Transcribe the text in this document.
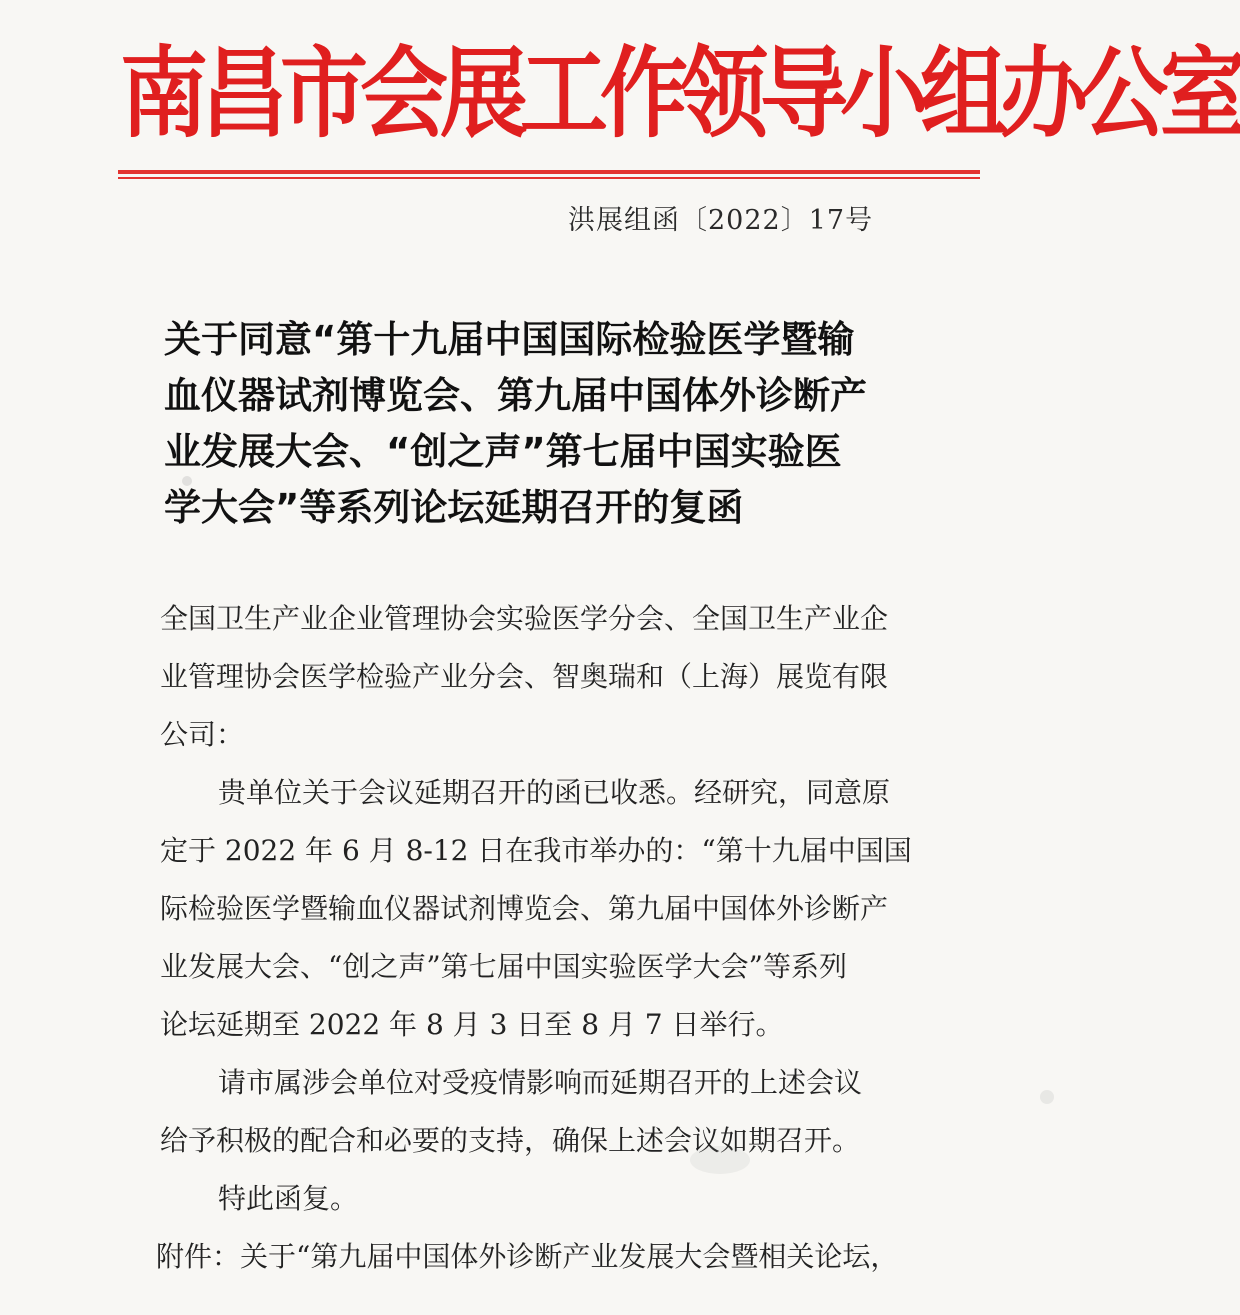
南昌市会展工作领导小组办公室
洪展组函〔2022〕17号
关于同意“第十九届中国国际检验医学暨输
血仪器试剂博览会、第九届中国体外诊断产
业发展大会、“创之声”第七届中国实验医
学大会”等系列论坛延期召开的复函
全国卫生产业企业管理协会实验医学分会、全国卫生产业企
业管理协会医学检验产业分会、智奥瑞和（上海）展览有限
公司：
贵单位关于会议延期召开的函已收悉。经研究，同意原
定于 2022 年 6 月 8-12 日在我市举办的：“第十九届中国国
际检验医学暨输血仪器试剂博览会、第九届中国体外诊断产
业发展大会、“创之声”第七届中国实验医学大会”等系列
论坛延期至 2022 年 8 月 3 日至 8 月 7 日举行。
请市属涉会单位对受疫情影响而延期召开的上述会议
给予积极的配合和必要的支持，确保上述会议如期召开。
特此函复。
附件：关于“第九届中国体外诊断产业发展大会暨相关论坛，
